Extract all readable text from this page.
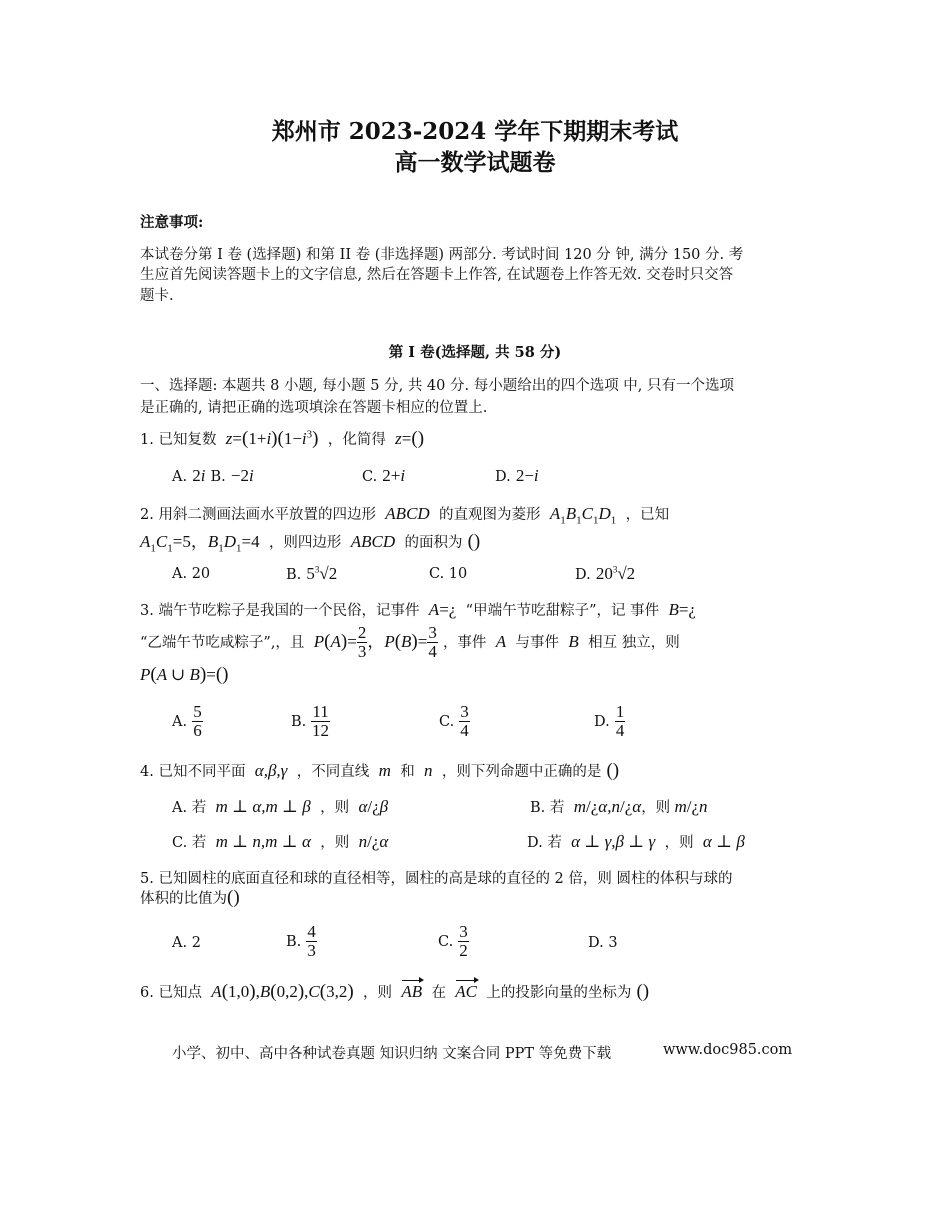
郑州市 2023-2024 学年下期期末考试
高一数学试题卷
注意事项:
本试卷分第 I 卷 (选择题) 和第 II 卷 (非选择题) 两部分. 考试时间 120 分 钟, 满分 150 分. 考
生应首先阅读答题卡上的文字信息, 然后在答题卡上作答, 在试题卷上作答无效. 交卷时只交答
题卡.
第 I 卷(选择题, 共 58 分)
一、选择题: 本题共 8 小题, 每小题 5 分, 共 40 分. 每小题给出的四个选项 中, 只有一个选项
是正确的, 请把正确的选项填涂在答题卡相应的位置上.
1. 已知复数  $z=(1+i)(1-i^3)$ ，化简得  z=()
A. 2i B. −2i	C. 2+i	D. 2−i
2. 用斜二测画法画水平放置的四边形  ABCD  的直观图为菱形  $A_1B_1C_1D_1$ ，已知
$A_1C_1=5$，$B_1D_1=4$ ，则四边形  ABCD  的面积为 ()
A. 20	B. $5^3√2$	C. 10	D. $20^3√2$
3. 端午节吃粽子是我国的一个民俗，记事件  A=¿ “甲端午节吃甜粽子”，记 事件  B=¿
“乙端午节吃咸粽子”,，且  $P(A)= \frac{2}{3}$ ，$P(B)= \frac{3}{4}$ ，事件  A  与事件  B  相互 独立，则
P(A ∪ B)=()
A. $\frac{5}{6}$	B. $\frac{11}{12}$	C. $\frac{3}{4}$	D. $\frac{1}{4}$
4. 已知不同平面  α,β,γ  ，不同直线  m  和  n  ，则下列命题中正确的是 ()
A. 若  m ⊥ α,m ⊥ β  ，则  α/¿β	B. 若  m/¿α,n/¿α，则 m/¿n
C. 若  m ⊥ n,m ⊥ α  ，则  n/¿α	D. 若  α ⊥ γ,β ⊥ γ  ，则  α ⊥ β
5. 已知圆柱的底面直径和球的直径相等，圆柱的高是球的直径的 2 倍，则 圆柱的体积与球的
体积的比值为()
A. 2	B. $\frac{4}{3}$	C. $\frac{3}{2}$	D. 3
6. 已知点  A(1,0),B(0,2),C(3,2) ，则 AB 在 AC 上的投影向量的坐标为 ()
小学、初中、高中各种试卷真题 知识归纳 文案合同 PPT 等免费下载	www.doc985.com
